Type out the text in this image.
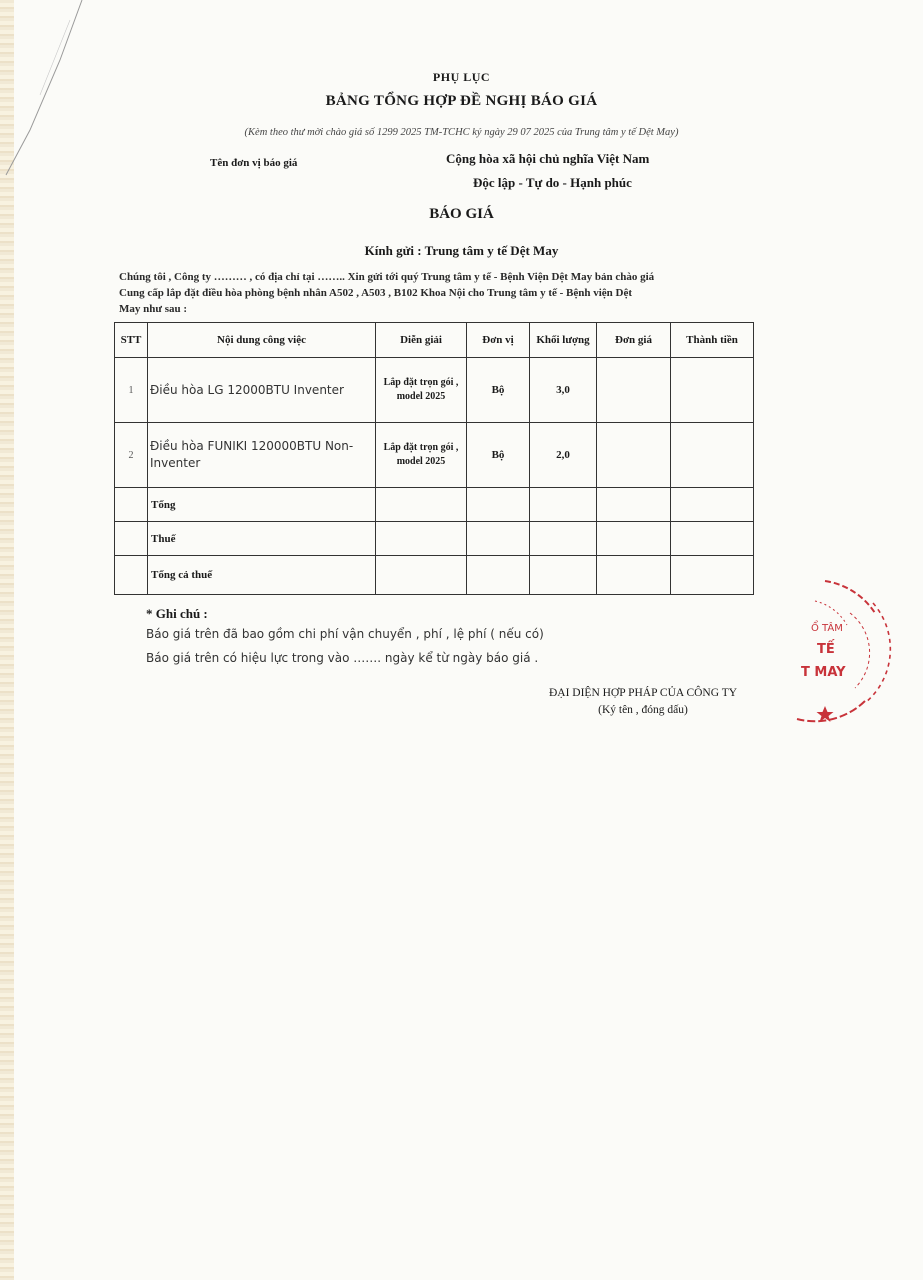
PHỤ LỤC
BẢNG TỔNG HỢP ĐỀ NGHỊ BÁO GIÁ
(Kèm theo thư mời chào giá số 1299 2025 TM-TCHC ký ngày 29 07 2025 của Trung tâm y tế Dệt May)
Tên đơn vị báo giá	Cộng hòa xã hội chủ nghĩa Việt Nam
Độc lập - Tự do - Hạnh phúc
BÁO GIÁ
Kính gửi : Trung tâm y tế Dệt May
Chúng tôi , Công ty ……… , có địa chỉ tại …….. Xin gửi tới quý Trung tâm y tế - Bệnh Viện Dệt May bản chào giá
Cung cấp lắp đặt điều hòa phòng bệnh nhân A502 , A503 , B102 Khoa Nội cho Trung tâm y tế - Bệnh viện Dệt
May như sau :
STT	Nội dung công việc	Diễn giải	Đơn vị	Khối lượng	Đơn giá	Thành tiền
1	Điều hòa LG 12000BTU Inventer	Lắp đặt trọn gói , model 2025	Bộ	3,0		
2	Điều hòa FUNIKI 120000BTU Non-Inventer	Lắp đặt trọn gói , model 2025	Bộ	2,0		
	Tổng					
	Thuế					
	Tổng cả thuế					
* Ghi chú :
Báo giá trên đã bao gồm chi phí vận chuyển , phí , lệ phí ( nếu có)
Báo giá trên có hiệu lực trong vào ……. ngày kể từ ngày báo giá .
ĐẠI DIỆN HỢP PHÁP CỦA CÔNG TY
(Ký tên , đóng dấu)
Ổ TÂM
TẾ
T MAY
